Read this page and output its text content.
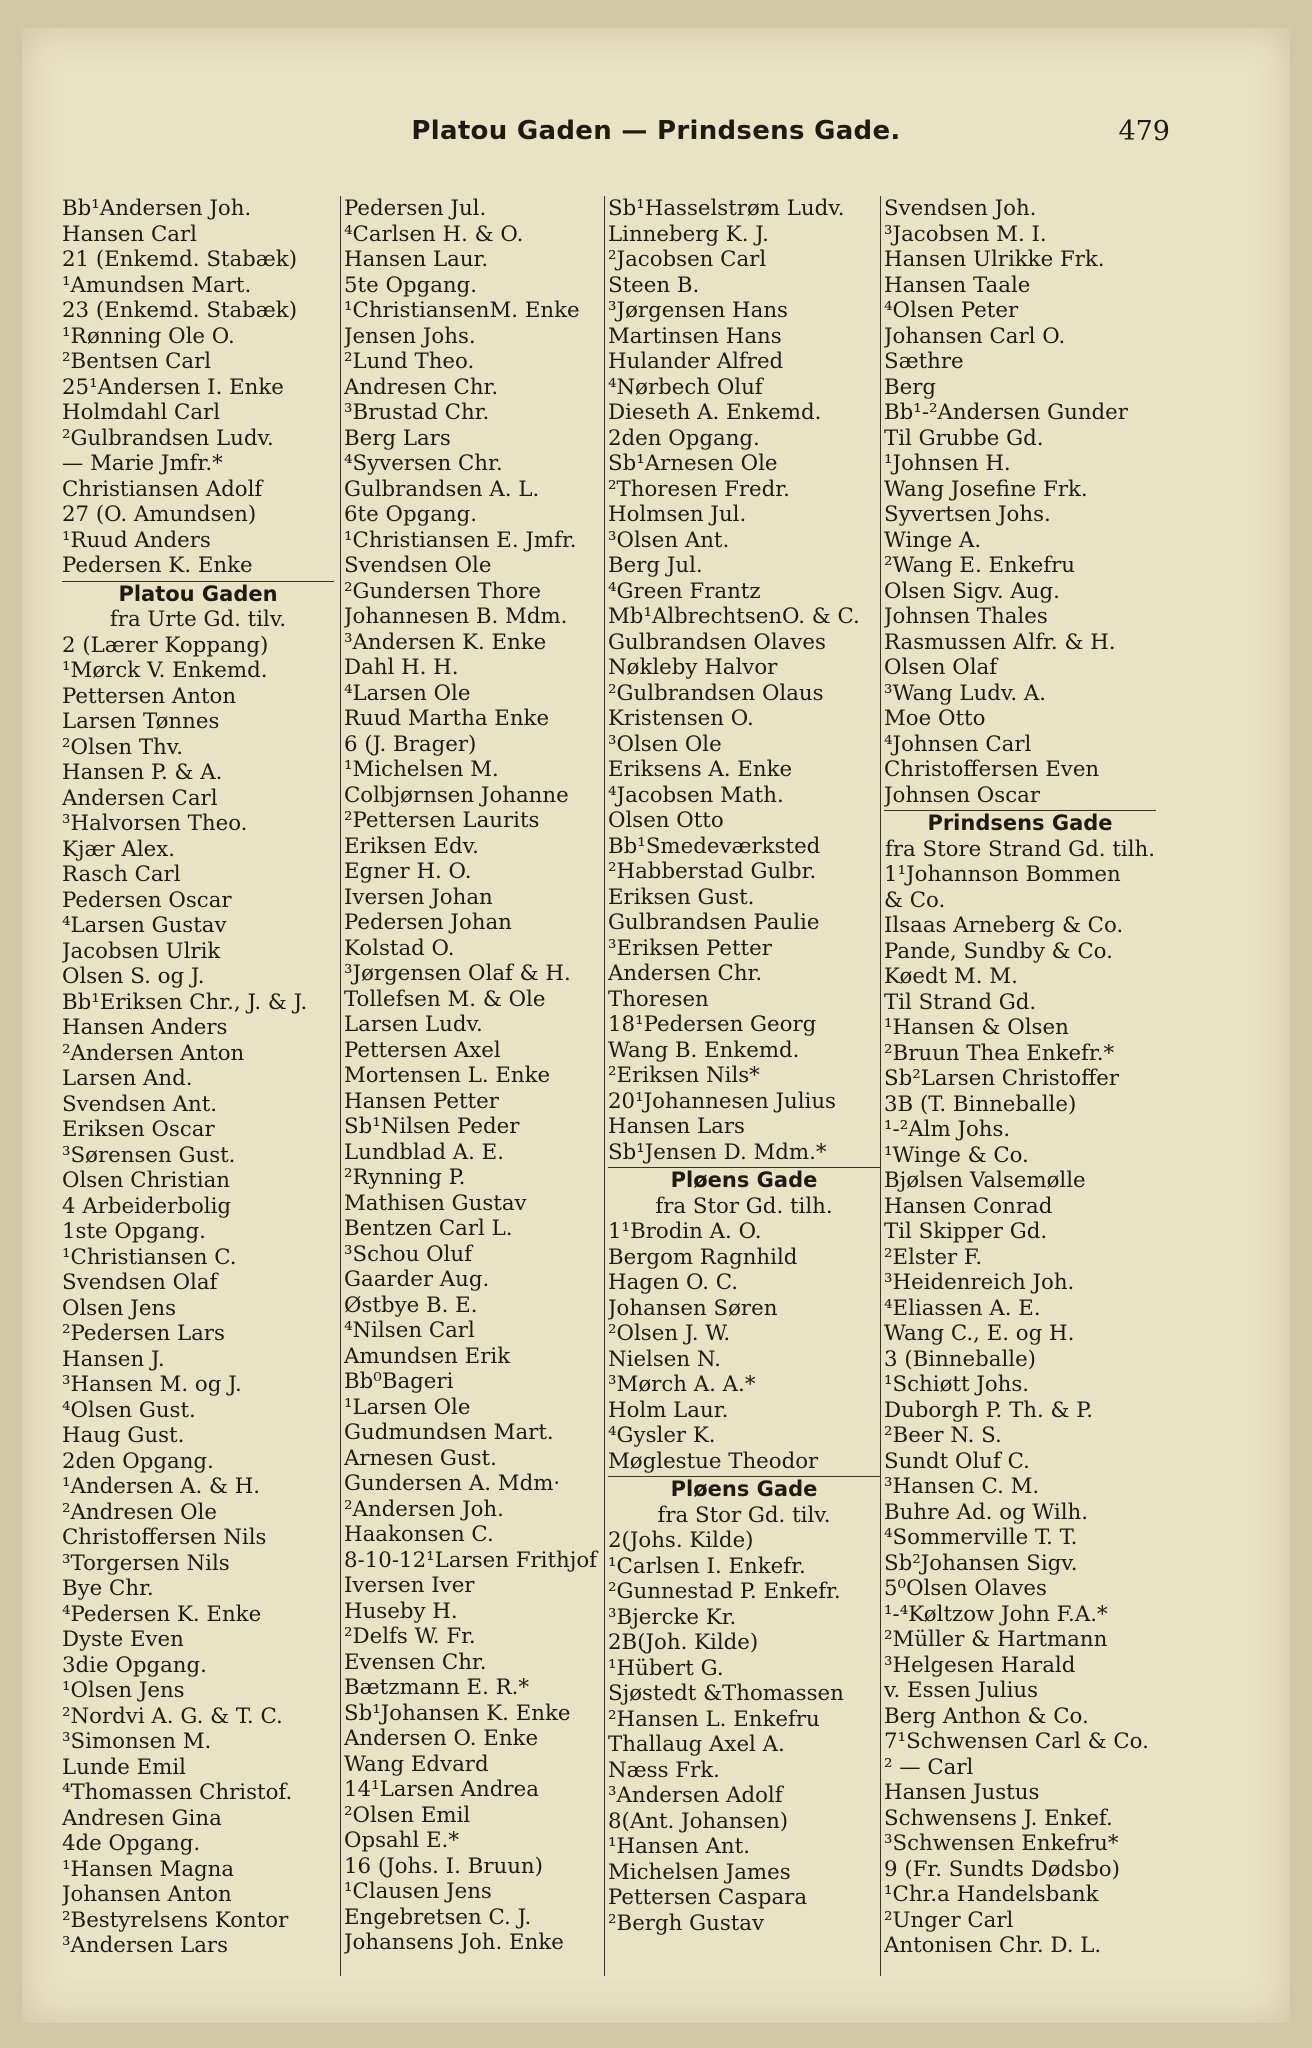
Platou Gaden — Prindsens Gade.	479
Bb¹Andersen Joh.
Hansen Carl
21 (Enkemd. Stabæk)
¹Amundsen Mart.
23 (Enkemd. Stabæk)
¹Rønning Ole O.
²Bentsen Carl
25¹Andersen I. Enke
Holmdahl Carl
²Gulbrandsen Ludv.
— Marie Jmfr.*
Christiansen Adolf
27 (O. Amundsen)
¹Ruud Anders
Pedersen K. Enke
Platou Gaden
fra Urte Gd. tilv.
2 (Lærer Koppang)
¹Mørck V. Enkemd.
Pettersen Anton
Larsen Tønnes
²Olsen Thv.
Hansen P. & A.
Andersen Carl
³Halvorsen Theo.
Kjær Alex.
Rasch Carl
Pedersen Oscar
⁴Larsen Gustav
Jacobsen Ulrik
Olsen S. og J.
Bb¹Eriksen Chr., J. & J.
Hansen Anders
²Andersen Anton
Larsen And.
Svendsen Ant.
Eriksen Oscar
³Sørensen Gust.
Olsen Christian
4 Arbeiderbolig
1ste Opgang.
¹Christiansen C.
Svendsen Olaf
Olsen Jens
²Pedersen Lars
Hansen J.
³Hansen M. og J.
⁴Olsen Gust.
Haug Gust.
2den Opgang.
¹Andersen A. & H.
²Andresen Ole
Christoffersen Nils
³Torgersen Nils
Bye Chr.
⁴Pedersen K. Enke
Dyste Even
3die Opgang.
¹Olsen Jens
²Nordvi A. G. & T. C.
³Simonsen M.
Lunde Emil
⁴Thomassen Christof.
Andresen Gina
4de Opgang.
¹Hansen Magna
Johansen Anton
²Bestyrelsens Kontor
³Andersen Lars
Pedersen Jul.
⁴Carlsen H. & O.
Hansen Laur.
5te Opgang.
¹ChristiansenM. Enke
Jensen Johs.
²Lund Theo.
Andresen Chr.
³Brustad Chr.
Berg Lars
⁴Syversen Chr.
Gulbrandsen A. L.
6te Opgang.
¹Christiansen E. Jmfr.
Svendsen Ole
²Gundersen Thore
Johannesen B. Mdm.
³Andersen K. Enke
Dahl H. H.
⁴Larsen Ole
Ruud Martha Enke
6 (J. Brager)
¹Michelsen M.
Colbjørnsen Johanne
²Pettersen Laurits
Eriksen Edv.
Egner H. O.
Iversen Johan
Pedersen Johan
Kolstad O.
³Jørgensen Olaf & H.
Tollefsen M. & Ole
Larsen Ludv.
Pettersen Axel
Mortensen L. Enke
Hansen Petter
Sb¹Nilsen Peder
Lundblad A. E.
²Rynning P.
Mathisen Gustav
Bentzen Carl L.
³Schou Oluf
Gaarder Aug.
Østbye B. E.
⁴Nilsen Carl
Amundsen Erik
Bb⁰Bageri
¹Larsen Ole
Gudmundsen Mart.
Arnesen Gust.
Gundersen A. Mdm·
²Andersen Joh.
Haakonsen C.
8-10-12¹Larsen Frithjof
Iversen Iver
Huseby H.
²Delfs W. Fr.
Evensen Chr.
Bætzmann E. R.*
Sb¹Johansen K. Enke
Andersen O. Enke
Wang Edvard
14¹Larsen Andrea
²Olsen Emil
Opsahl E.*
16 (Johs. I. Bruun)
¹Clausen Jens
Engebretsen C. J.
Johansens Joh. Enke
Sb¹Hasselstrøm Ludv.
Linneberg K. J.
²Jacobsen Carl
Steen B.
³Jørgensen Hans
Martinsen Hans
Hulander Alfred
⁴Nørbech Oluf
Dieseth A. Enkemd.
2den Opgang.
Sb¹Arnesen Ole
²Thoresen Fredr.
Holmsen Jul.
³Olsen Ant.
Berg Jul.
⁴Green Frantz
Mb¹AlbrechtsenO. & C.
Gulbrandsen Olaves
Nøkleby Halvor
²Gulbrandsen Olaus
Kristensen O.
³Olsen Ole
Eriksens A. Enke
⁴Jacobsen Math.
Olsen Otto
Bb¹Smedeværksted
²Habberstad Gulbr.
Eriksen Gust.
Gulbrandsen Paulie
³Eriksen Petter
Andersen Chr.
Thoresen
18¹Pedersen Georg
Wang B. Enkemd.
²Eriksen Nils*
20¹Johannesen Julius
Hansen Lars
Sb¹Jensen D. Mdm.*
Pløens Gade
fra Stor Gd. tilh.
1¹Brodin A. O.
Bergom Ragnhild
Hagen O. C.
Johansen Søren
²Olsen J. W.
Nielsen N.
³Mørch A. A.*
Holm Laur.
⁴Gysler K.
Møglestue Theodor
Pløens Gade
fra Stor Gd. tilv.
2(Johs. Kilde)
¹Carlsen I. Enkefr.
²Gunnestad P. Enkefr.
³Bjercke Kr.
2B(Joh. Kilde)
¹Hübert G.
Sjøstedt &Thomassen
²Hansen L. Enkefru
Thallaug Axel A.
Næss Frk.
³Andersen Adolf
8(Ant. Johansen)
¹Hansen Ant.
Michelsen James
Pettersen Caspara
²Bergh Gustav
Svendsen Joh.
³Jacobsen M. I.
Hansen Ulrikke Frk.
Hansen Taale
⁴Olsen Peter
Johansen Carl O.
Sæthre
Berg
Bb¹-²Andersen Gunder
Til Grubbe Gd.
¹Johnsen H.
Wang Josefine Frk.
Syvertsen Johs.
Winge A.
²Wang E. Enkefru
Olsen Sigv. Aug.
Johnsen Thales
Rasmussen Alfr. & H.
Olsen Olaf
³Wang Ludv. A.
Moe Otto
⁴Johnsen Carl
Christoffersen Even
Johnsen Oscar
Prindsens Gade
fra Store Strand Gd. tilh.
1¹Johannson Bommen
& Co.
Ilsaas Arneberg & Co.
Pande, Sundby & Co.
Køedt M. M.
Til Strand Gd.
¹Hansen & Olsen
²Bruun Thea Enkefr.*
Sb²Larsen Christoffer
3B (T. Binneballe)
¹-²Alm Johs.
¹Winge & Co.
Bjølsen Valsemølle
Hansen Conrad
Til Skipper Gd.
²Elster F.
³Heidenreich Joh.
⁴Eliassen A. E.
Wang C., E. og H.
3 (Binneballe)
¹Schiøtt Johs.
Duborgh P. Th. & P.
²Beer N. S.
Sundt Oluf C.
³Hansen C. M.
Buhre Ad. og Wilh.
⁴Sommerville T. T.
Sb²Johansen Sigv.
5⁰Olsen Olaves
¹-⁴Køltzow John F.A.*
²Müller & Hartmann
³Helgesen Harald
v. Essen Julius
Berg Anthon & Co.
7¹Schwensen Carl & Co.
² — Carl
Hansen Justus
Schwensens J. Enkef.
³Schwensen Enkefru*
9 (Fr. Sundts Dødsbo)
¹Chr.a Handelsbank
²Unger Carl
Antonisen Chr. D. L.
